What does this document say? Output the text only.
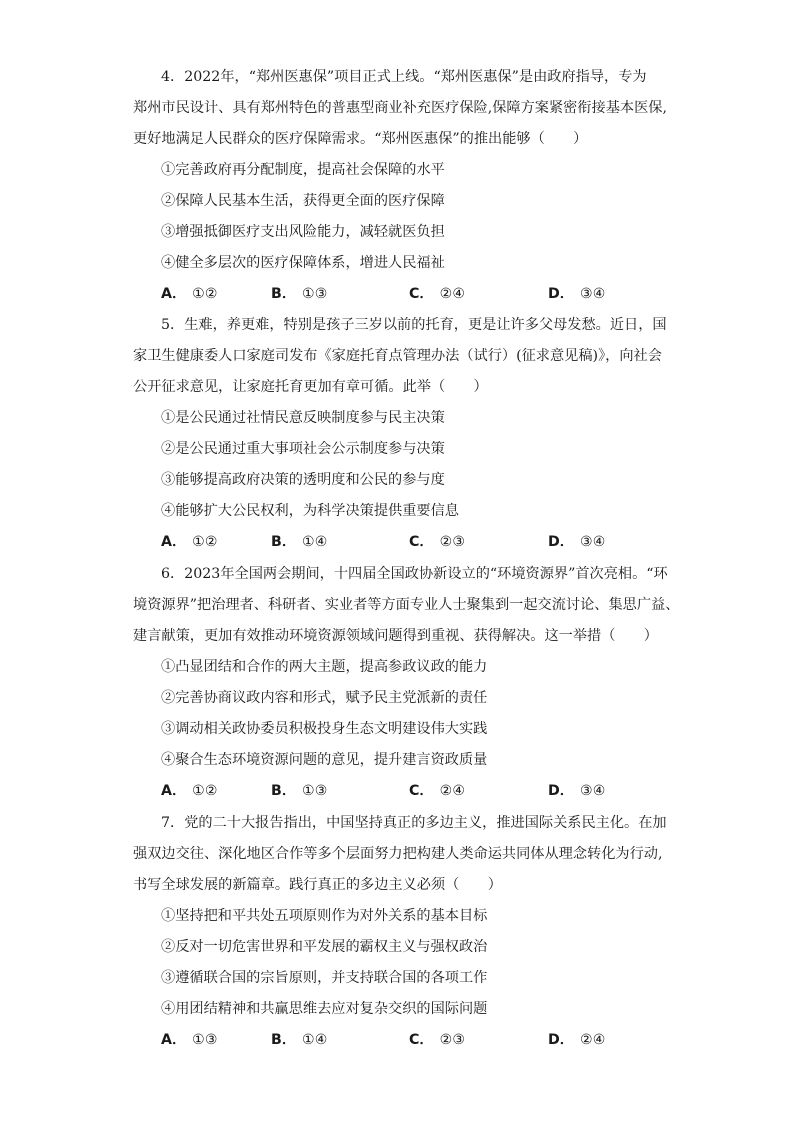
4．2022年，“郑州医惠保”项目正式上线。“郑州医惠保”是由政府指导，专为
郑州市民设计、具有郑州特色的普惠型商业补充医疗保险,保障方案紧密衔接基本医保,
更好地满足人民群众的医疗保障需求。“郑州医惠保”的推出能够（　　）
①完善政府再分配制度，提高社会保障的水平
②保障人民基本生活，获得更全面的医疗保障
③增强抵御医疗支出风险能力，减轻就医负担
④健全多层次的医疗保障体系，增进人民福祉
A． ①②	B． ①③	C． ②④	D． ③④
5．生难，养更难，特别是孩子三岁以前的托育，更是让许多父母发愁。近日，国
家卫生健康委人口家庭司发布《家庭托育点管理办法（试行）(征求意见稿)》，向社会
公开征求意见，让家庭托育更加有章可循。此举（　　）
①是公民通过社情民意反映制度参与民主决策
②是公民通过重大事项社会公示制度参与决策
③能够提高政府决策的透明度和公民的参与度
④能够扩大公民权利，为科学决策提供重要信息
A． ①②	B． ①④	C． ②③	D． ③④
6．2023年全国两会期间，十四届全国政协新设立的“环境资源界”首次亮相。“环
境资源界”把治理者、科研者、实业者等方面专业人士聚集到一起交流讨论、集思广益、
建言献策，更加有效推动环境资源领域问题得到重视、获得解决。这一举措（　　）
①凸显团结和合作的两大主题，提高参政议政的能力
②完善协商议政内容和形式，赋予民主党派新的责任
③调动相关政协委员积极投身生态文明建设伟大实践
④聚合生态环境资源问题的意见，提升建言资政质量
A． ①②	B． ①③	C． ②④	D． ③④
7．党的二十大报告指出，中国坚持真正的多边主义，推进国际关系民主化。在加
强双边交往、深化地区合作等多个层面努力把构建人类命运共同体从理念转化为行动,
书写全球发展的新篇章。践行真正的多边主义必须（　　）
①坚持把和平共处五项原则作为对外关系的基本目标
②反对一切危害世界和平发展的霸权主义与强权政治
③遵循联合国的宗旨原则，并支持联合国的各项工作
④用团结精神和共赢思维去应对复杂交织的国际问题
A． ①③	B． ①④	C． ②③	D． ②④
